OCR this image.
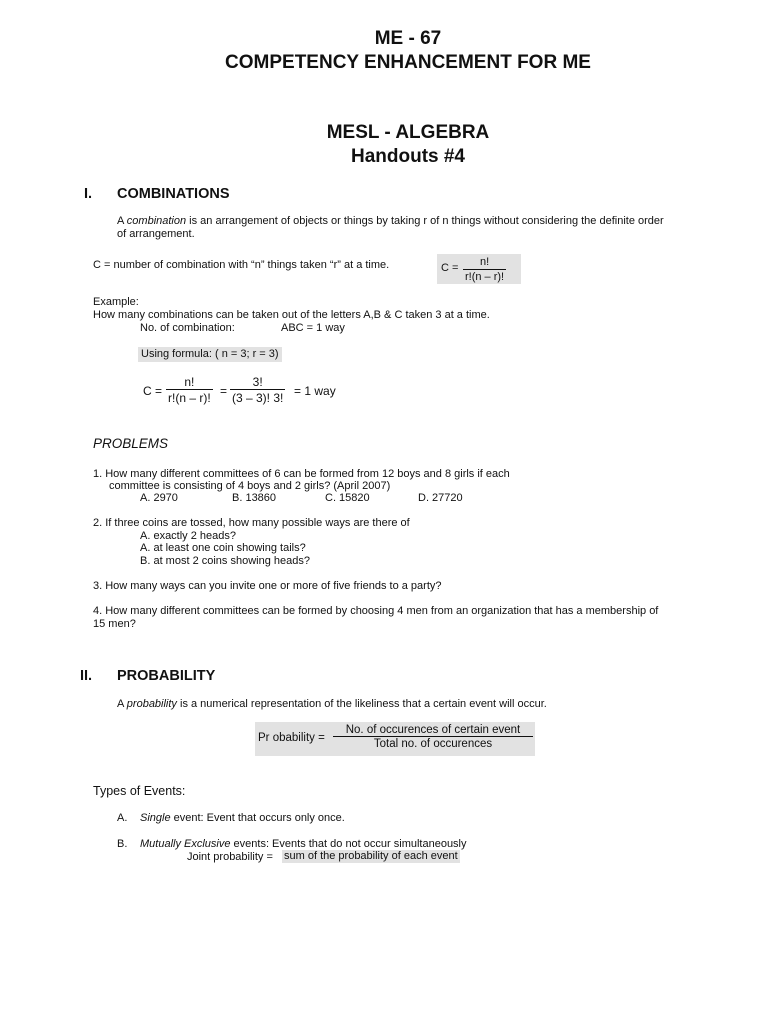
ME - 67
COMPETENCY ENHANCEMENT FOR ME
MESL - ALGEBRA
Handouts #4
I. COMBINATIONS
A combination is an arrangement of objects or things by taking r of n things without considering the definite order
of arrangement.
C = number of combination with “n” things taken “r” at a time.	$C = \frac{n!}{r!(n - r)!}$
Example:
How many combinations can be taken out of the letters A,B & C taken 3 at a time.
No. of combination:	ABC = 1 way
Using formula: ( n = 3; r = 3)
$C = \frac{n!}{r!(n - r)!} = \frac{3!}{(3 - 3)! 3!} = 1$ way
PROBLEMS
1. How many different committees of 6 can be formed from 12 boys and 8 girls if each
committee is consisting of 4 boys and 2 girls? (April 2007)
A. 2970	B. 13860	C. 15820	D. 27720
2. If three coins are tossed, how many possible ways are there of
A. exactly 2 heads?
A. at least one coin showing tails?
B. at most 2 coins showing heads?
3. How many ways can you invite one or more of five friends to a party?
4. How many different committees can be formed by choosing 4 men from an organization that has a membership of
15 men?
II. PROBABILITY
A probability is a numerical representation of the likeliness that a certain event will occur.
Pr obability =
No. of occurences of certain event
Total no. of occurences
Types of Events:
A. Single event: Event that occurs only once.
B. Mutually Exclusive events: Events that do not occur simultaneously
Joint probability = sum of the probability of each event
